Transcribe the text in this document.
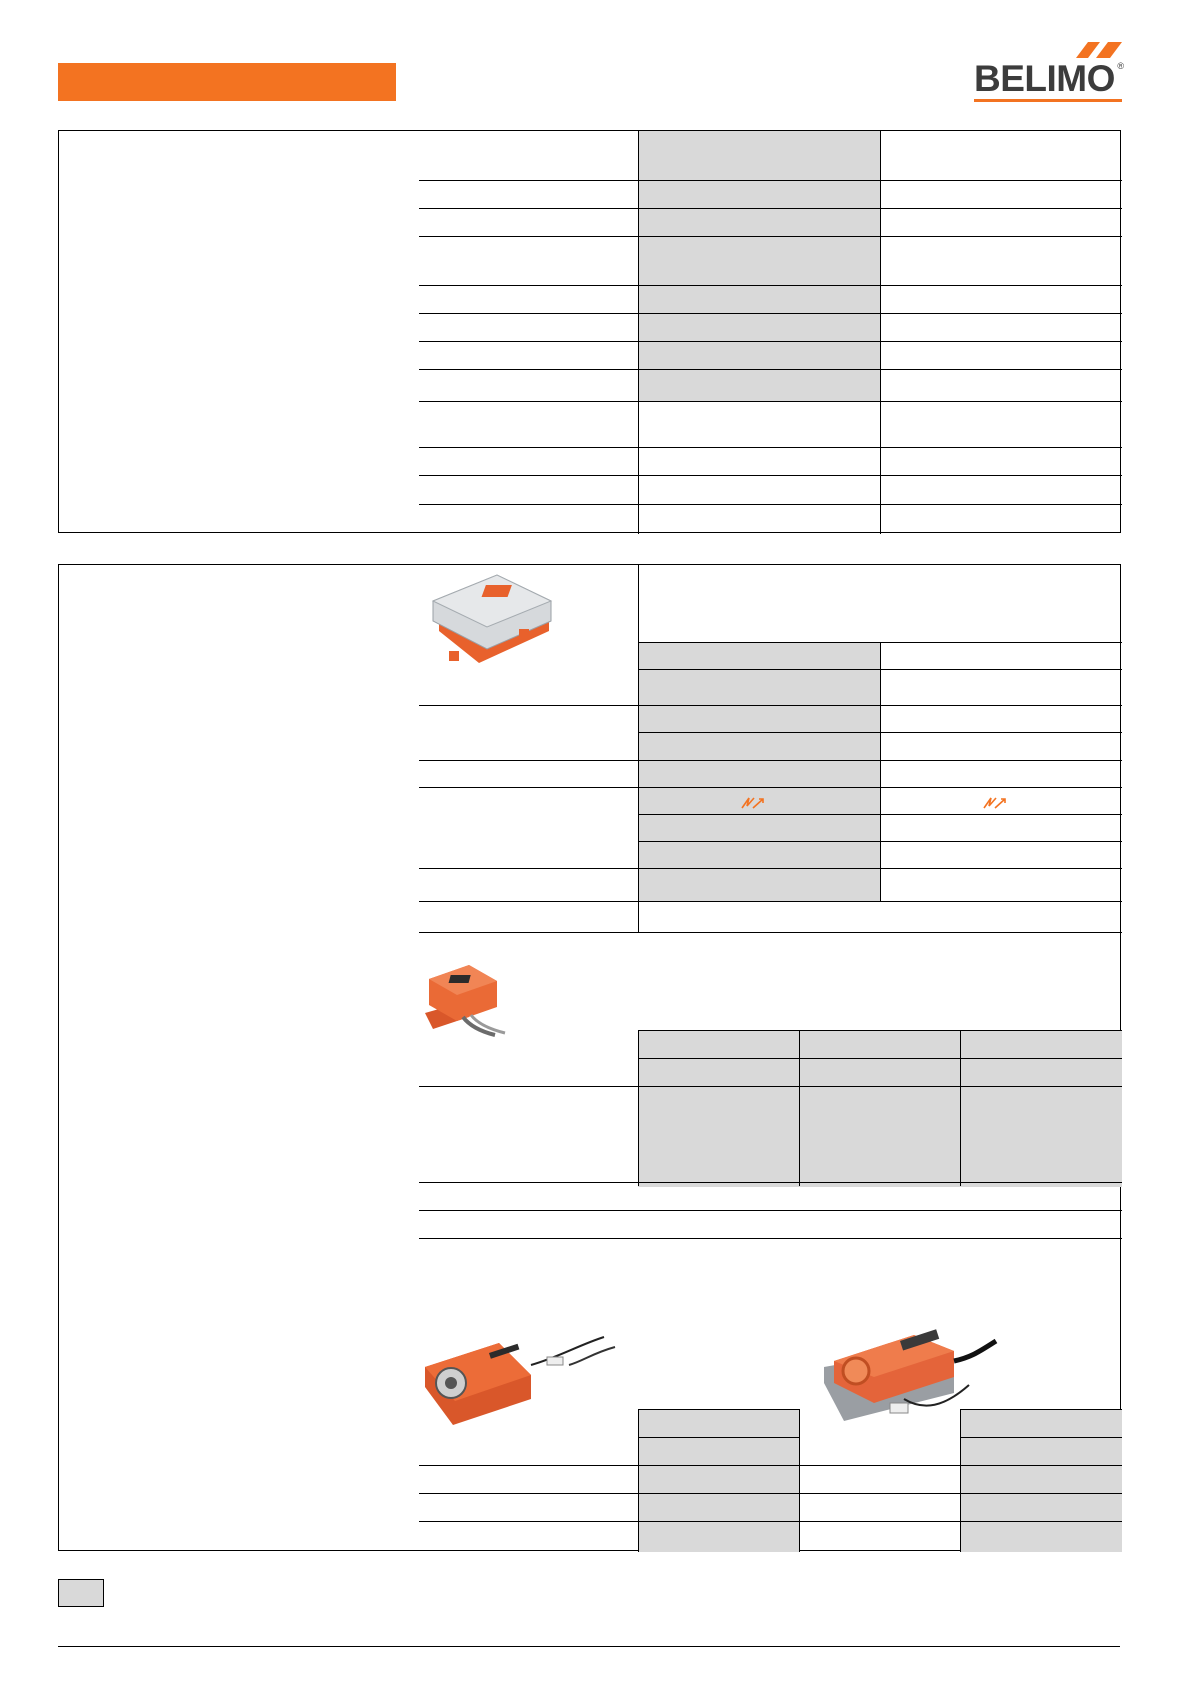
BELIMO ®
